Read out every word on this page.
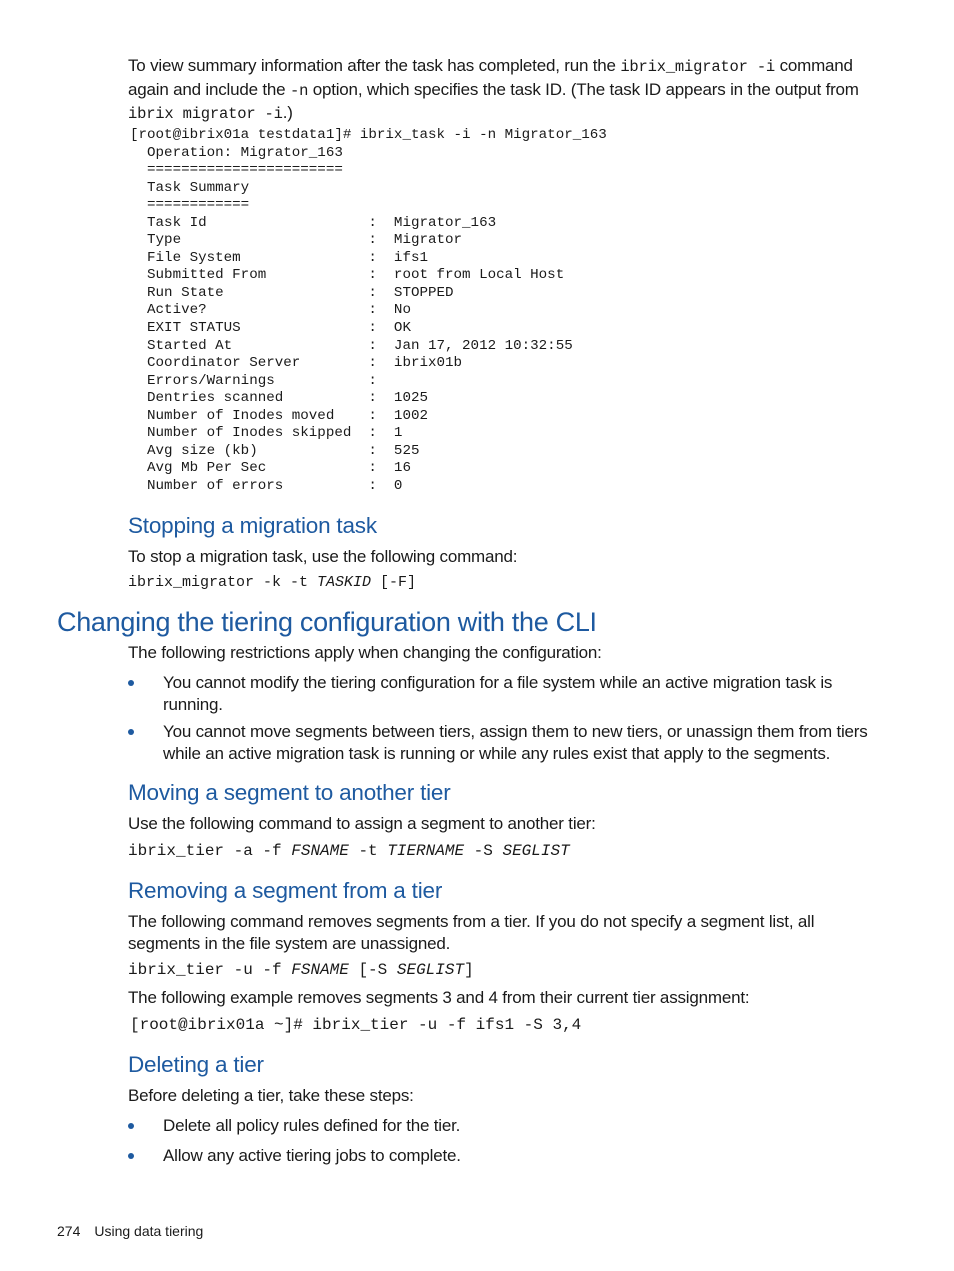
To view summary information after the task has completed, run the ibrix_migrator -i command again and include the -n option, which specifies the task ID. (The task ID appears in the output from ibrix migrator -i.)
[root@ibrix01a testdata1]# ibrix_task -i -n Migrator_163
Operation: Migrator_163
=======================
Task Summary
============
Task Id                   :  Migrator_163
Type                      :  Migrator
File System               :  ifs1
Submitted From            :  root from Local Host
Run State                 :  STOPPED
Active?                   :  No
EXIT STATUS               :  OK
Started At                :  Jan 17, 2012 10:32:55
Coordinator Server        :  ibrix01b
Errors/Warnings           :
Dentries scanned          :  1025
Number of Inodes moved    :  1002
Number of Inodes skipped  :  1
Avg size (kb)             :  525
Avg Mb Per Sec            :  16
Number of errors          :  0
Stopping a migration task
To stop a migration task, use the following command:
ibrix_migrator -k -t TASKID [-F]
Changing the tiering configuration with the CLI
The following restrictions apply when changing the configuration:
You cannot modify the tiering configuration for a file system while an active migration task is running.
You cannot move segments between tiers, assign them to new tiers, or unassign them from tiers while an active migration task is running or while any rules exist that apply to the segments.
Moving a segment to another tier
Use the following command to assign a segment to another tier:
ibrix_tier -a -f FSNAME -t TIERNAME -S SEGLIST
Removing a segment from a tier
The following command removes segments from a tier. If you do not specify a segment list, all segments in the file system are unassigned.
ibrix_tier -u -f FSNAME [-S SEGLIST]
The following example removes segments 3 and 4 from their current tier assignment:
[root@ibrix01a ~]# ibrix_tier -u -f ifs1 -S 3,4
Deleting a tier
Before deleting a tier, take these steps:
Delete all policy rules defined for the tier.
Allow any active tiering jobs to complete.
274 Using data tiering
